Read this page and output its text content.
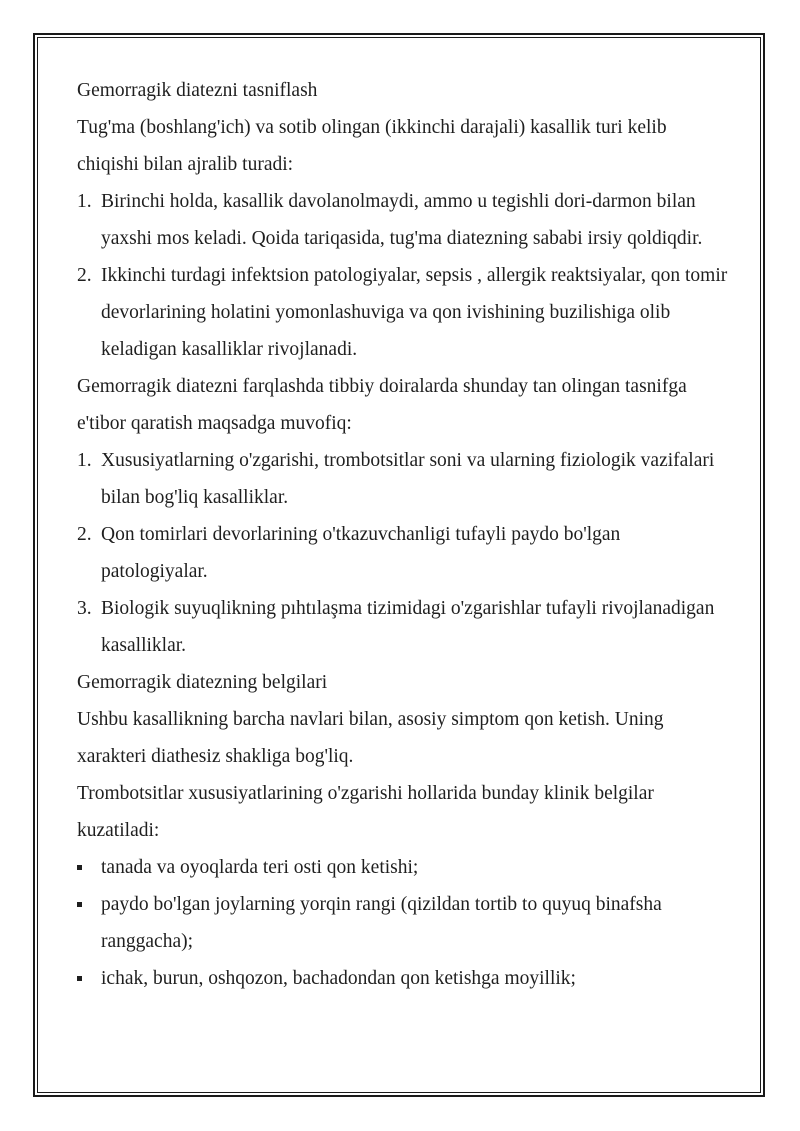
Gemorragik diatezni tasniflash

Tug'ma (boshlang'ich) va sotib olingan (ikkinchi darajali) kasallik turi kelib chiqishi bilan ajralib turadi:

1. Birinchi holda, kasallik davolanolmaydi, ammo u tegishli dori-darmon bilan yaxshi mos keladi. Qoida tariqasida, tug'ma diatezning sababi irsiy qoldiqdir.
2. Ikkinchi turdagi infektsion patologiyalar, sepsis , allergik reaktsiyalar, qon tomir devorlarining holatini yomonlashuviga va qon ivishining buzilishiga olib keladigan kasalliklar rivojlanadi.

Gemorragik diatezni farqlashda tibbiy doiralarda shunday tan olingan tasnifga e'tibor qaratish maqsadga muvofiq:

1. Xususiyatlarning o'zgarishi, trombotsitlar soni va ularning fiziologik vazifalari bilan bog'liq kasalliklar.
2. Qon tomirlari devorlarining o'tkazuvchanligi tufayli paydo bo'lgan patologiyalar.
3. Biologik suyuqlikning pıhtılaşma tizimidagi o'zgarishlar tufayli rivojlanadigan kasalliklar.

Gemorragik diatezning belgilari

Ushbu kasallikning barcha navlari bilan, asosiy simptom qon ketish. Uning xarakteri diathesiz shakliga bog'liq.

Trombotsitlar xususiyatlarining o'zgarishi hollarida bunday klinik belgilar kuzatiladi:

tanada va oyoqlarda teri osti qon ketishi;
paydo bo'lgan joylarning yorqin rangi (qizildan tortib to quyuq binafsha ranggacha);
ichak, burun, oshqozon, bachadondan qon ketishga moyillik;
